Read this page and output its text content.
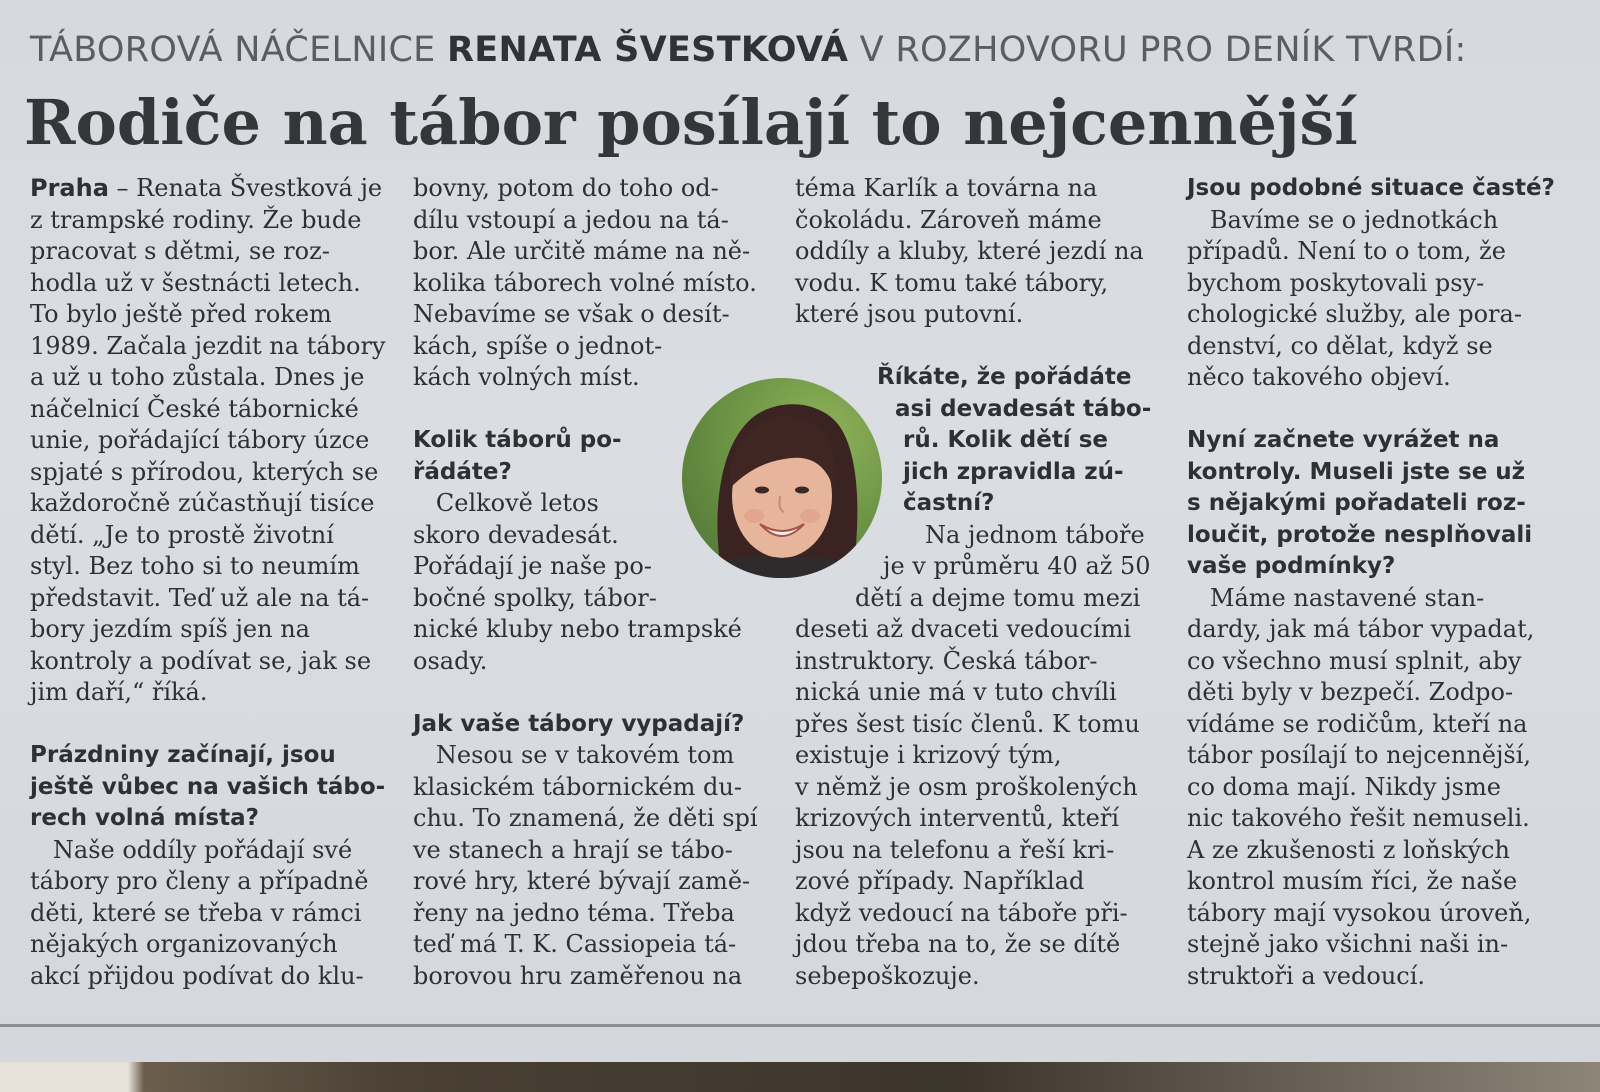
TÁBOROVÁ NÁČELNICE RENATA ŠVESTKOVÁ V ROZHOVORU PRO DENÍK TVRDÍ:
Rodiče na tábor posílají to nejcennější

Praha – Renata Švestková je

z trampské rodiny. Že bude

pracovat s dětmi, se roz-

hodla už v šestnácti letech.

To bylo ještě před rokem

1989. Začala jezdit na tábory

a už u toho zůstala. Dnes je

náčelnicí České tábornické

unie, pořádající tábory úzce

spjaté s přírodou, kterých se

každoročně zúčastňují tisíce

dětí. „Je to prostě životní

styl. Bez toho si to neumím

představit. Teď už ale na tá-

bory jezdím spíš jen na

kontroly a podívat se, jak se

jim daří,“ říká.

Prázdniny začínají, jsou

ještě vůbec na vašich tábo-

rech volná místa?

Naše oddíly pořádají své

tábory pro členy a případně

děti, které se třeba v rámci

nějakých organizovaných

akcí přijdou podívat do klu-

bovny, potom do toho od-

dílu vstoupí a jedou na tá-

bor. Ale určitě máme na ně-

kolika táborech volné místo.

Nebavíme se však o desít-

kách, spíše o jednot-

kách volných míst.

Kolik táborů po-

řádáte?

Celkově letos

skoro devadesát.

Pořádají je naše po-

bočné spolky, tábor-

nické kluby nebo trampské

osady.

Jak vaše tábory vypadají?

Nesou se v takovém tom

klasickém tábornickém du-

chu. To znamená, že děti spí

ve stanech a hrají se tábo-

rové hry, které bývají zamě-

řeny na jedno téma. Třeba

teď má T. K. Cassiopeia tá-

borovou hru zaměřenou na

téma Karlík a továrna na

čokoládu. Zároveň máme

oddíly a kluby, které jezdí na

vodu. K tomu také tábory,

které jsou putovní.

Říkáte, že pořádáte

asi devadesát tábo-

rů. Kolik dětí se

jich zpravidla zú-

častní?

Na jednom táboře

je v průměru 40 až 50

dětí a dejme tomu mezi

deseti až dvaceti vedoucími

instruktory. Česká tábor-

nická unie má v tuto chvíli

přes šest tisíc členů. K tomu

existuje i krizový tým,

v němž je osm proškolených

krizových interventů, kteří

jsou na telefonu a řeší kri-

zové případy. Například

když vedoucí na táboře při-

jdou třeba na to, že se dítě

sebepoškozuje.

Jsou podobné situace časté?

Bavíme se o jednotkách

případů. Není to o tom, že

bychom poskytovali psy-

chologické služby, ale pora-

denství, co dělat, když se

něco takového objeví.

Nyní začnete vyrážet na

kontroly. Museli jste se už

s nějakými pořadateli roz-

loučit, protože nesplňovali

vaše podmínky?

Máme nastavené stan-

dardy, jak má tábor vypadat,

co všechno musí splnit, aby

děti byly v bezpečí. Zodpo-

vídáme se rodičům, kteří na

tábor posílají to nejcennější,

co doma mají. Nikdy jsme

nic takového řešit nemuseli.

A ze zkušenosti z loňských

kontrol musím říci, že naše

tábory mají vysokou úroveň,

stejně jako všichni naši in-

struktoři a vedoucí.
